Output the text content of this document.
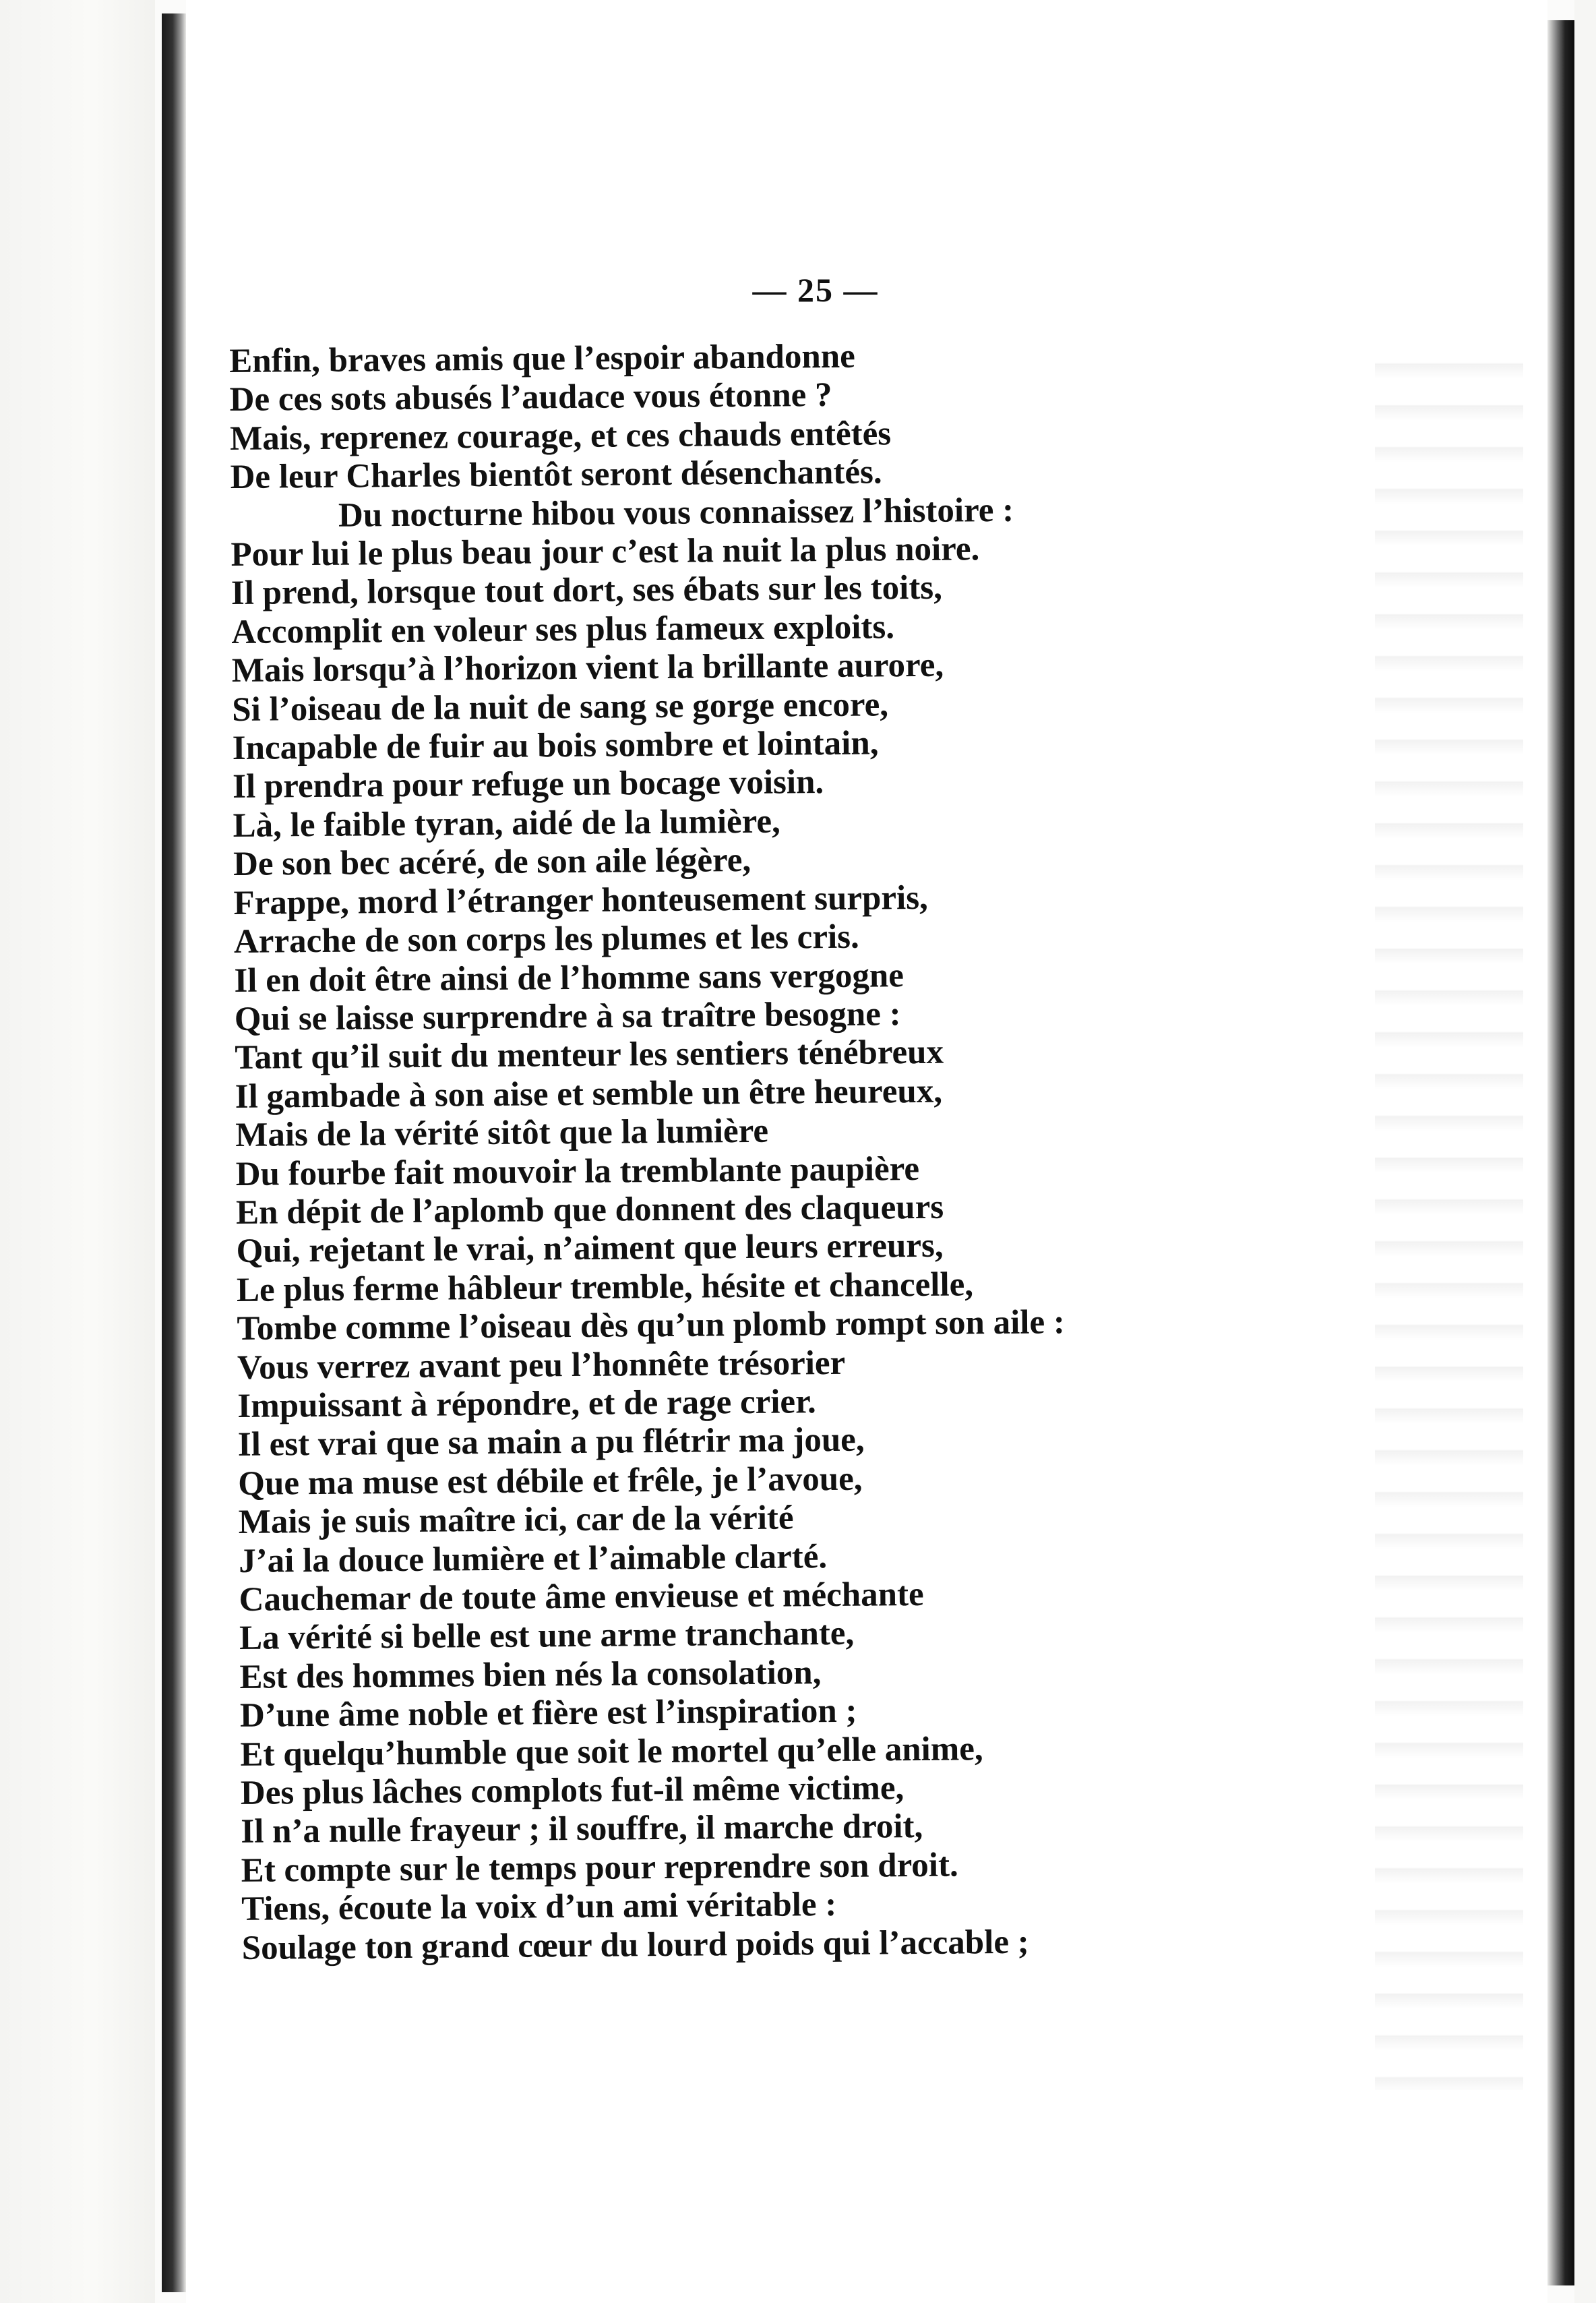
— 25 —
Enfin, braves amis que l’espoir abandonne
De ces sots abusés l’audace vous étonne ?
Mais, reprenez courage, et ces chauds entêtés
De leur Charles bientôt seront désenchantés.
Du nocturne hibou vous connaissez l’histoire :
Pour lui le plus beau jour c’est la nuit la plus noire.
Il prend, lorsque tout dort, ses ébats sur les toits,
Accomplit en voleur ses plus fameux exploits.
Mais lorsqu’à l’horizon vient la brillante aurore,
Si l’oiseau de la nuit de sang se gorge encore,
Incapable de fuir au bois sombre et lointain,
Il prendra pour refuge un bocage voisin.
Là, le faible tyran, aidé de la lumière,
De son bec acéré, de son aile légère,
Frappe, mord l’étranger honteusement surpris,
Arrache de son corps les plumes et les cris.
Il en doit être ainsi de l’homme sans vergogne
Qui se laisse surprendre à sa traître besogne :
Tant qu’il suit du menteur les sentiers ténébreux
Il gambade à son aise et semble un être heureux,
Mais de la vérité sitôt que la lumière
Du fourbe fait mouvoir la tremblante paupière
En dépit de l’aplomb que donnent des claqueurs
Qui, rejetant le vrai, n’aiment que leurs erreurs,
Le plus ferme hâbleur tremble, hésite et chancelle,
Tombe comme l’oiseau dès qu’un plomb rompt son aile :
Vous verrez avant peu l’honnête trésorier
Impuissant à répondre, et de rage crier.
Il est vrai que sa main a pu flétrir ma joue,
Que ma muse est débile et frêle, je l’avoue,
Mais je suis maître ici, car de la vérité
J’ai la douce lumière et l’aimable clarté.
Cauchemar de toute âme envieuse et méchante
La vérité si belle est une arme tranchante,
Est des hommes bien nés la consolation,
D’une âme noble et fière est l’inspiration ;
Et quelqu’humble que soit le mortel qu’elle anime,
Des plus lâches complots fut-il même victime,
Il n’a nulle frayeur ; il souffre, il marche droit,
Et compte sur le temps pour reprendre son droit.
Tiens, écoute la voix d’un ami véritable :
Soulage ton grand cœur du lourd poids qui l’accable ;
